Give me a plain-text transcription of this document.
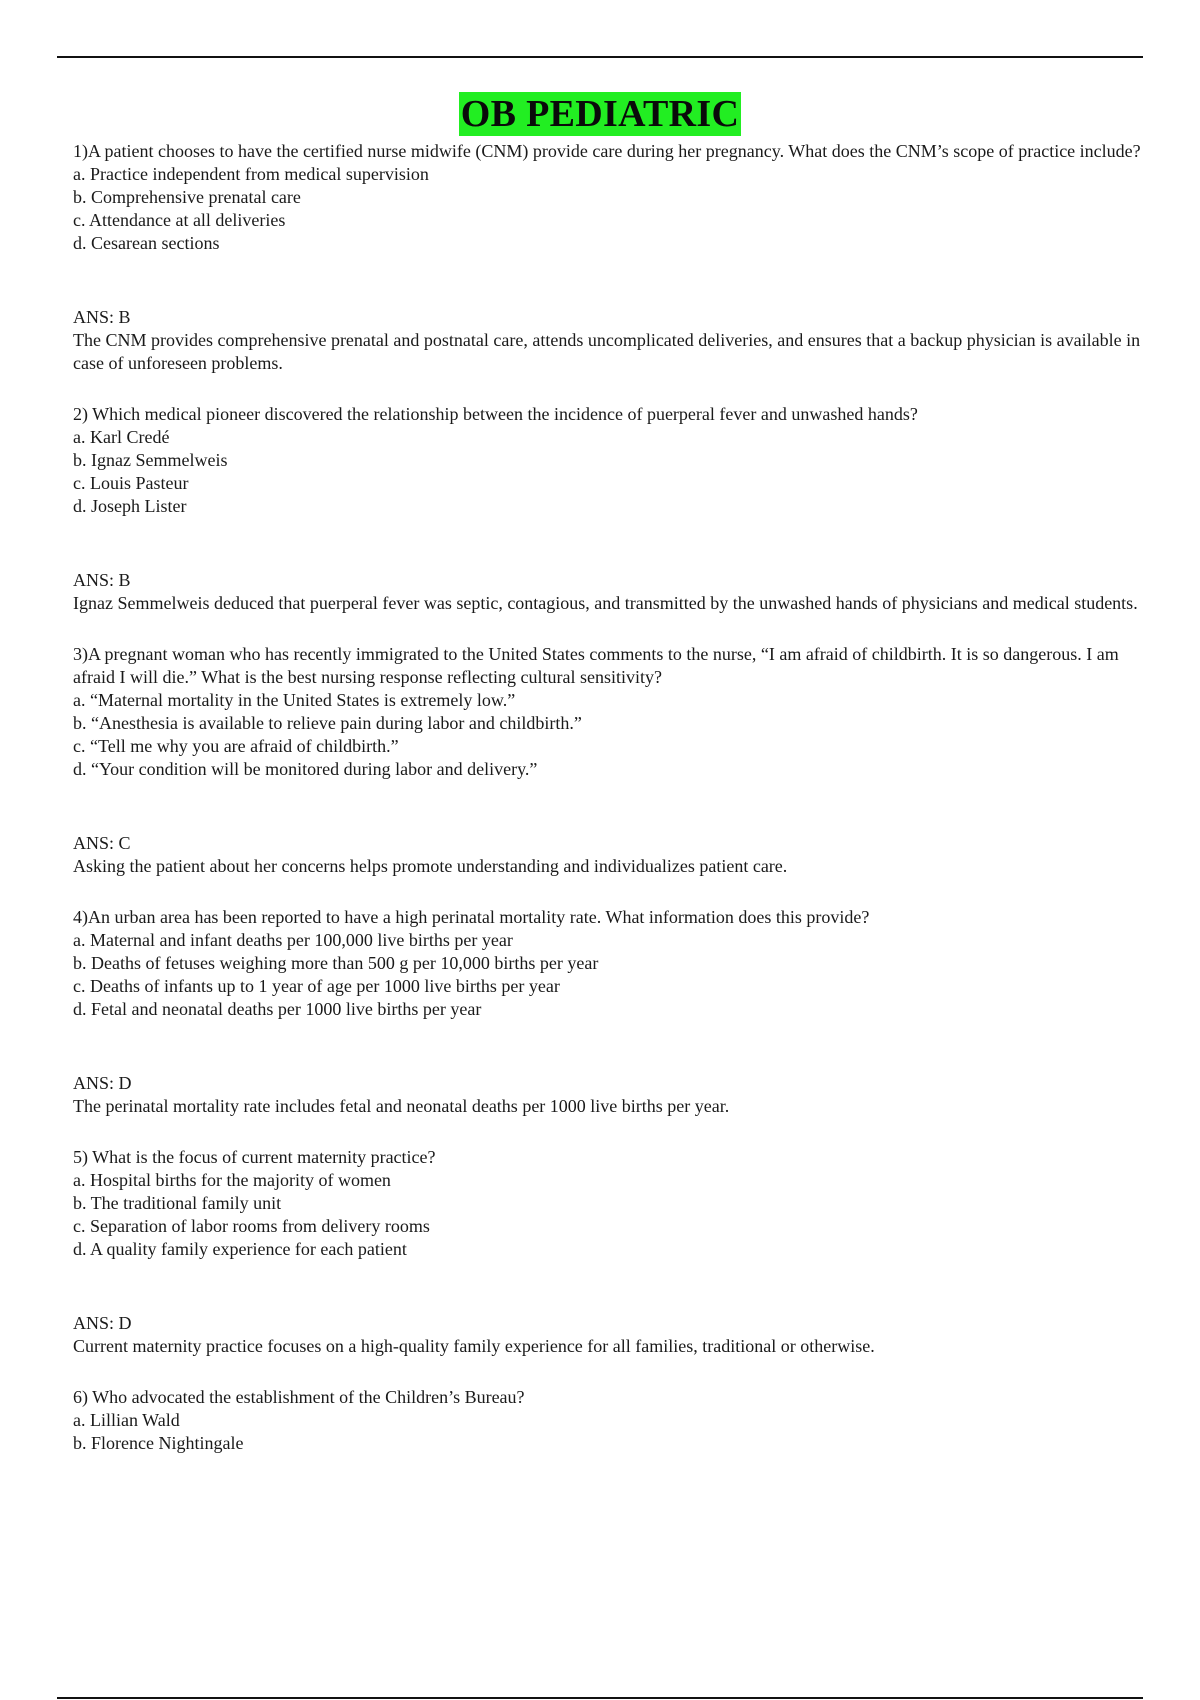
OB PEDIATRIC

1)A patient chooses to have the certified nurse midwife (CNM) provide care during her pregnancy. What does the CNM’s scope of practice include?

a. Practice independent from medical supervision
b. Comprehensive prenatal care
c. Attendance at all deliveries
d. Cesarean sections
ANS: B

The CNM provides comprehensive prenatal and postnatal care, attends uncomplicated deliveries, and ensures that a backup physician is available in case of unforeseen problems.

2) Which medical pioneer discovered the relationship between the incidence of puerperal fever and unwashed hands?

a. Karl Credé
b. Ignaz Semmelweis
c. Louis Pasteur
d. Joseph Lister
ANS: B

Ignaz Semmelweis deduced that puerperal fever was septic, contagious, and transmitted by the unwashed hands of physicians and medical students.

3)A pregnant woman who has recently immigrated to the United States comments to the nurse, “I am afraid of childbirth. It is so dangerous. I am afraid I will die.” What is the best nursing response reflecting cultural sensitivity?

a. “Maternal mortality in the United States is extremely low.”
b. “Anesthesia is available to relieve pain during labor and childbirth.”
c. “Tell me why you are afraid of childbirth.”
d. “Your condition will be monitored during labor and delivery.”
ANS: C

Asking the patient about her concerns helps promote understanding and individualizes patient care.

4)An urban area has been reported to have a high perinatal mortality rate. What information does this provide?

a. Maternal and infant deaths per 100,000 live births per year
b. Deaths of fetuses weighing more than 500 g per 10,000 births per year
c. Deaths of infants up to 1 year of age per 1000 live births per year
d. Fetal and neonatal deaths per 1000 live births per year
ANS: D

The perinatal mortality rate includes fetal and neonatal deaths per 1000 live births per year.

5) What is the focus of current maternity practice?

a. Hospital births for the majority of women
b. The traditional family unit
c. Separation of labor rooms from delivery rooms
d. A quality family experience for each patient
ANS: D

Current maternity practice focuses on a high-quality family experience for all families, traditional or otherwise.

6) Who advocated the establishment of the Children’s Bureau?

a. Lillian Wald
b. Florence Nightingale
